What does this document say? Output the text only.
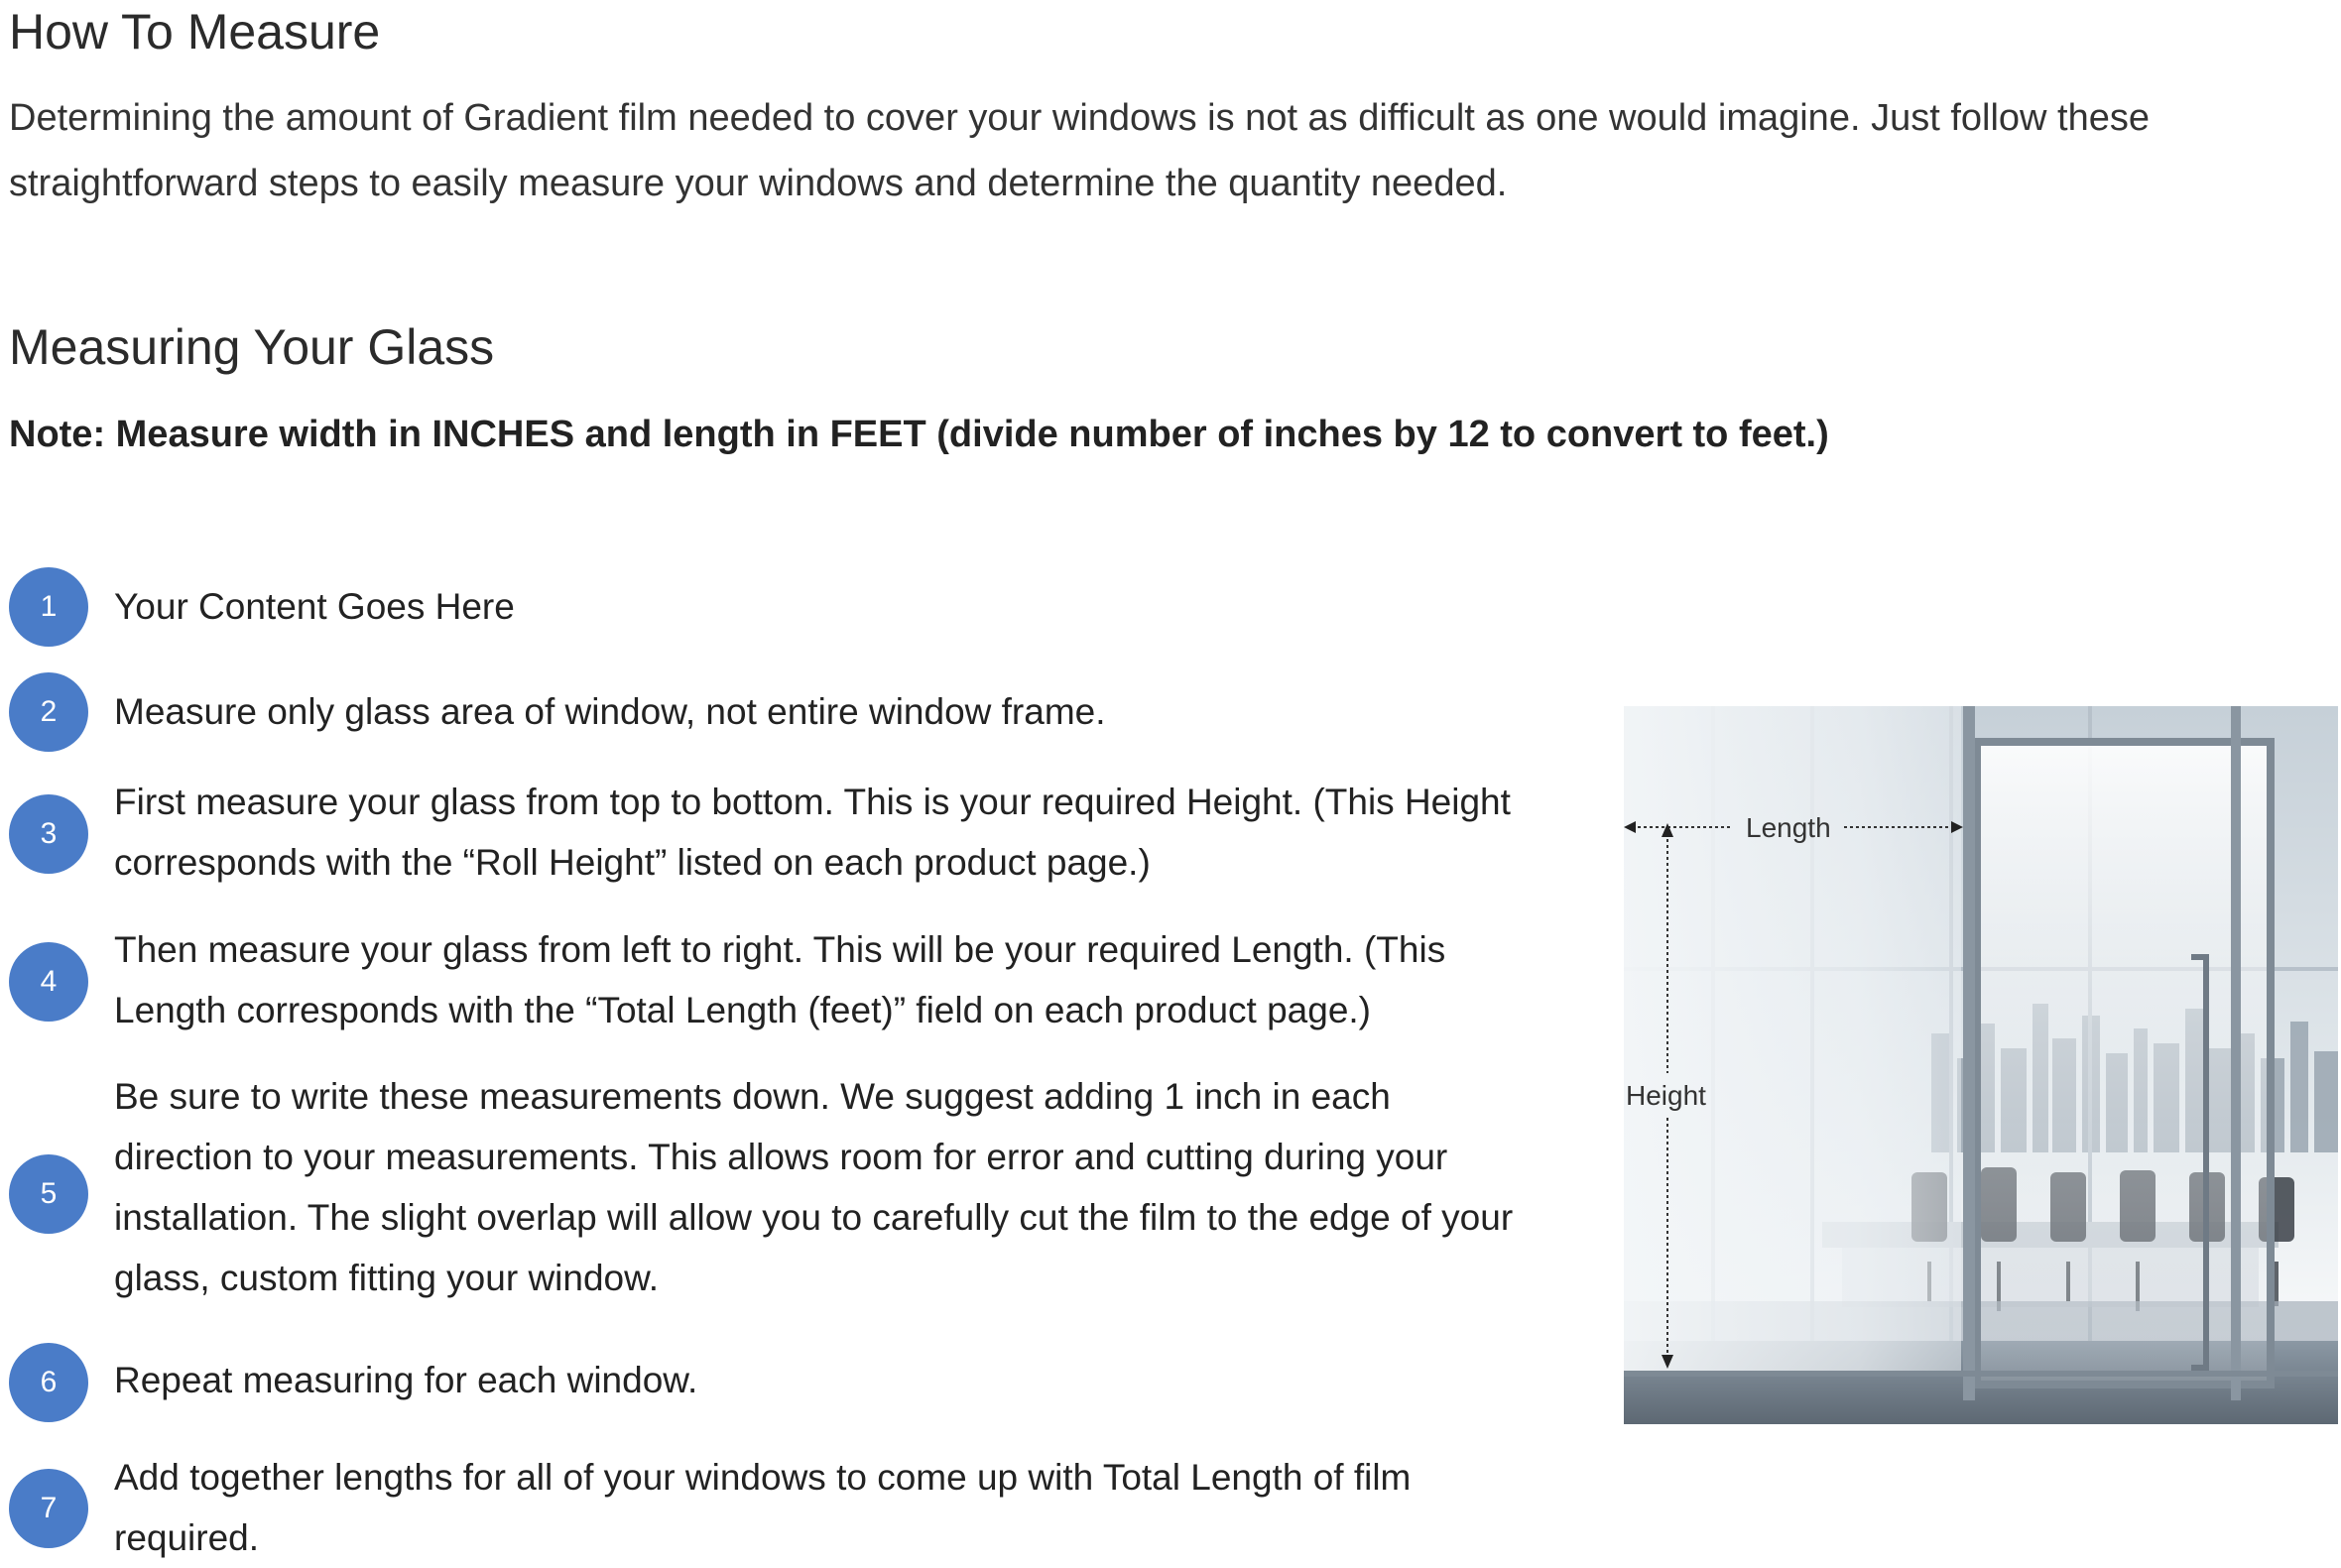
How To Measure

Determining the amount of Gradient film needed to cover your windows is not as difficult as one would imagine. Just follow these straightforward steps to easily measure your windows and determine the quantity needed.

Measuring Your Glass

Note: Measure width in INCHES and length in FEET (divide number of inches by 12 to convert to feet.)

1	Your Content Goes Here

2	Measure only glass area of window, not entire window frame.

3

First measure your glass from top to bottom. This is your required Height. (This Height corresponds with the “Roll Height” listed on each product page.)

4

Then measure your glass from left to right. This will be your required Length. (This Length corresponds with the “Total Length (feet)” field on each product page.)

5

Be sure to write these measurements down. We suggest adding 1 inch in each direction to your measurements. This allows room for error and cutting during your installation. The slight overlap will allow you to carefully cut the film to the edge of your glass, custom fitting your window.

6	Repeat measuring for each window.

7

Add together lengths for all of your windows to come up with Total Length of film required.

Length
Height
